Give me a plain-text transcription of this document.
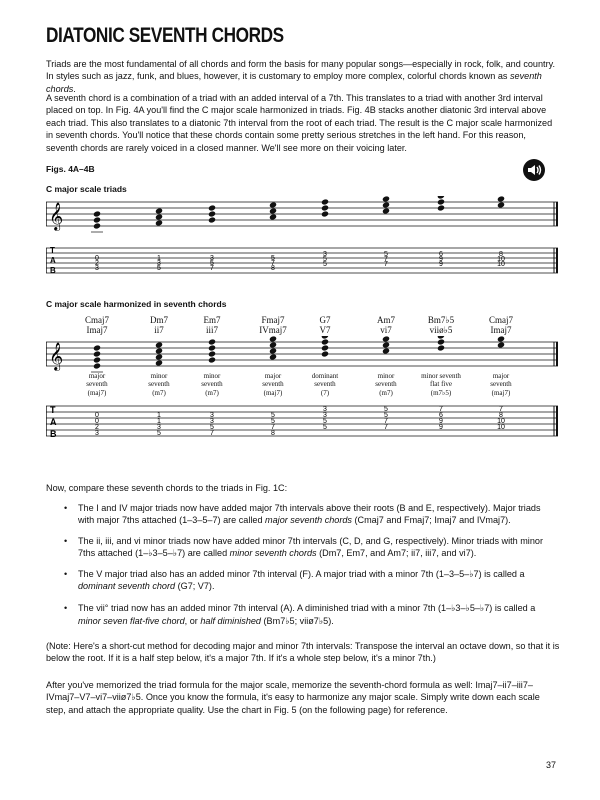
DIATONIC SEVENTH CHORDS

Triads are the most fundamental of all chords and form the basis for many popular songs—especially in rock, folk, and country. In styles such as jazz, funk, and blues, however, it is customary to employ more complex, colorful chords known as seventh chords.

A seventh chord is a combination of a triad with an added interval of a 7th. This translates to a triad with another 3rd interval placed on top. In Fig. 4A you'll find the C major scale harmonized in triads. Fig. 4B stacks another diatonic 3rd interval above each triad. This also translates to a diatonic 7th interval from the root of each triad. The result is the C major scale harmonized in seventh chords. You'll notice that these chords contain some pretty serious stretches in the left hand. For this reason, seventh chords are rarely voiced in a closed manner. We'll see more on their voicing later.

Figs. 4A–4B
C major scale triads
𝄞
T
A
B
0
2
3
1
3
5
3
5
7
5
7
8
3
5
5
5
7
7
6
9
9
8
10
10
C major scale harmonized in seventh chords
Cmaj7
Imaj7
Dm7
ii7
Em7
iii7
Fmaj7
IVmaj7
G7
V7
Am7
vi7
Bm7♭5
viiø♭5
Cmaj7
Imaj7
𝄞
T
A
B
0
0
2
3
1
1
3
5
3
3
5
7
5
5
7
8
3
3
5
5
5
5
7
7
7
6
9
9
7
8
10
10
major
seventh
(maj7)
minor
seventh
(m7)
minor
seventh
(m7)
major
seventh
(maj7)
dominant
seventh
(7)
minor
seventh
(m7)
minor seventh
flat five
(m7♭5)
major
seventh
(maj7)

Now, compare these seventh chords to the triads in Fig. 1C:

• The I and IV major triads now have added major 7th intervals above their roots (B and E, respectively). Major triads with major 7ths attached (1–3–5–7) are called major seventh chords (Cmaj7 and Fmaj7; Imaj7 and IVmaj7).
• The ii, iii, and vi minor triads now have added minor 7th intervals (C, D, and G, respectively). Minor triads with minor 7ths attached (1–♭3–5–♭7) are called minor seventh chords (Dm7, Em7, and Am7; ii7, iii7, and vi7).
• The V major triad also has an added minor 7th interval (F). A major triad with a minor 7th (1–3–5–♭7) is called a dominant seventh chord (G7; V7).
• The vii° triad now has an added minor 7th interval (A). A diminished triad with a minor 7th (1–♭3–♭5–♭7) is called a minor seven flat-five chord, or half diminished (Bm7♭5; viiø7♭5).

(Note: Here's a short-cut method for decoding major and minor 7th intervals: Transpose the interval an octave down, so that it is below the root. If it is a half step below, it's a major 7th. If it's a whole step below, it's a minor 7th.)

After you've memorized the triad formula for the major scale, memorize the seventh-chord formula as well: Imaj7–ii7–iii7–IVmaj7–V7–vi7–viiø7♭5. Once you know the formula, it's easy to harmonize any major scale. Simply write down each scale step, and attach the appropriate quality. Use the chart in Fig. 5 (on the following page) for reference.

37
